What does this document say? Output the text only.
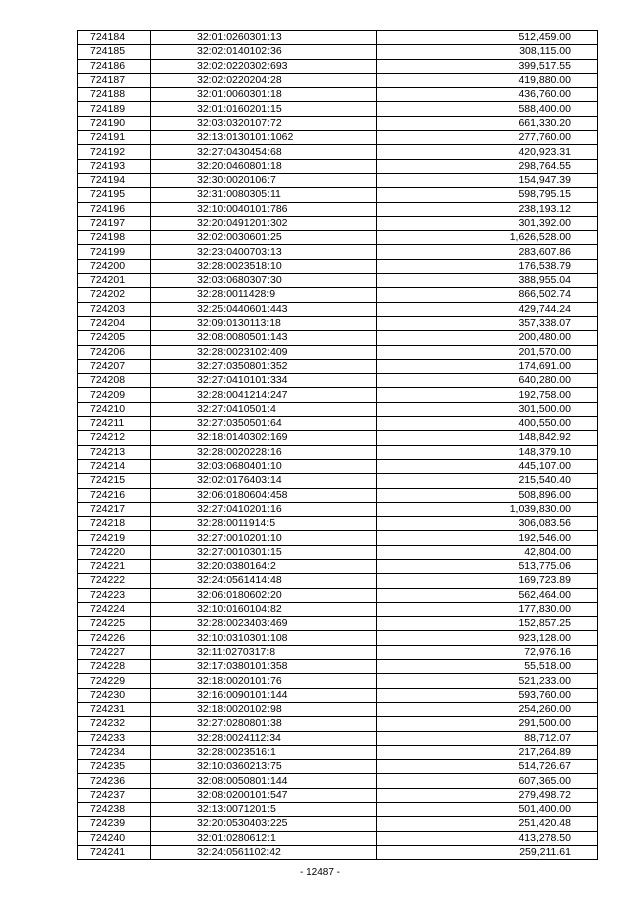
724184	32:01:0260301:13	512,459.00
724185	32:02:0140102:36	308,115.00
724186	32:02:0220302:693	399,517.55
724187	32:02:0220204:28	419,880.00
724188	32:01:0060301:18	436,760.00
724189	32:01:0160201:15	588,400.00
724190	32:03:0320107:72	661,330.20
724191	32:13:0130101:1062	277,760.00
724192	32:27:0430454:68	420,923.31
724193	32:20:0460801:18	298,764.55
724194	32:30:0020106:7	154,947.39
724195	32:31:0080305:11	598,795.15
724196	32:10:0040101:786	238,193.12
724197	32:20:0491201:302	301,392.00
724198	32:02:0030601:25	1,626,528.00
724199	32:23:0400703:13	283,607.86
724200	32:28:0023518:10	176,538.79
724201	32:03:0680307:30	388,955.04
724202	32:28:0011428:9	866,502.74
724203	32:25:0440601:443	429,744.24
724204	32:09:0130113:18	357,338.07
724205	32:08:0080501:143	200,480.00
724206	32:28:0023102:409	201,570.00
724207	32:27:0350801:352	174,691.00
724208	32:27:0410101:334	640,280.00
724209	32:28:0041214:247	192,758.00
724210	32:27:0410501:4	301,500.00
724211	32:27:0350501:64	400,550.00
724212	32:18:0140302:169	148,842.92
724213	32:28:0020228:16	148,379.10
724214	32:03:0680401:10	445,107.00
724215	32:02:0176403:14	215,540.40
724216	32:06:0180604:458	508,896.00
724217	32:27:0410201:16	1,039,830.00
724218	32:28:0011914:5	306,083.56
724219	32:27:0010201:10	192,546.00
724220	32:27:0010301:15	42,804.00
724221	32:20:0380164:2	513,775.06
724222	32:24:0561414:48	169,723.89
724223	32:06:0180602:20	562,464.00
724224	32:10:0160104:82	177,830.00
724225	32:28:0023403:469	152,857.25
724226	32:10:0310301:108	923,128.00
724227	32:11:0270317:8	72,976.16
724228	32:17:0380101:358	55,518.00
724229	32:18:0020101:76	521,233.00
724230	32:16:0090101:144	593,760.00
724231	32:18:0020102:98	254,260.00
724232	32:27:0280801:38	291,500.00
724233	32:28:0024112:34	88,712.07
724234	32:28:0023516:1	217,264.89
724235	32:10:0360213:75	514,726.67
724236	32:08:0050801:144	607,365.00
724237	32:08:0200101:547	279,498.72
724238	32:13:0071201:5	501,400.00
724239	32:20:0530403:225	251,420.48
724240	32:01:0280612:1	413,278.50
724241	32:24:0561102:42	259,211.61
- 12487 -
